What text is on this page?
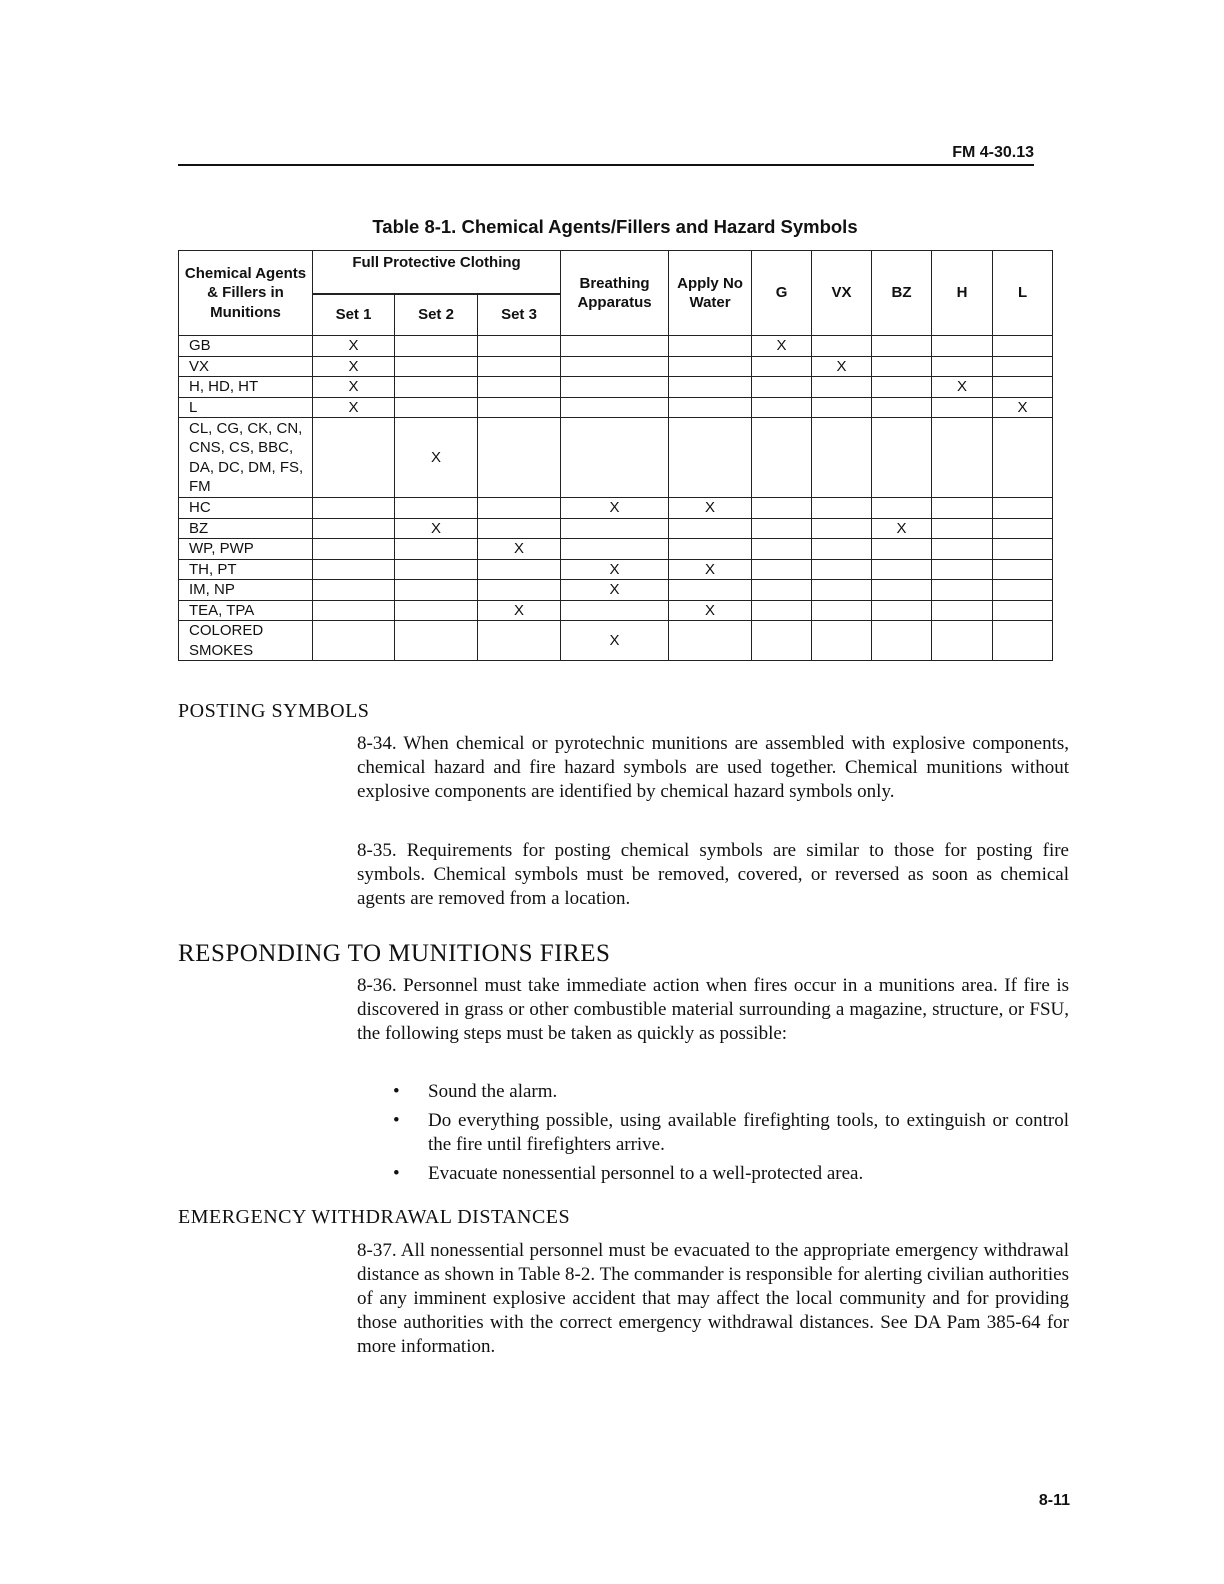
FM 4-30.13
Table 8-1. Chemical Agents/Fillers and Hazard Symbols
Chemical Agents & Fillers in Munitions	Full Protective Clothing			Breathing Apparatus	Apply No Water	G	VX	BZ	H	L
	Set 1	Set 2	Set 3							
GB	X					X				
VX	X						X			
H, HD, HT	X								X	
L	X									X
CL, CG, CK, CN, CNS, CS, BBC, DA, DC, DM, FS, FM		X								
HC				X	X					
BZ		X						X		
WP, PWP			X							
TH, PT				X	X					
IM, NP				X						
TEA, TPA			X		X					
COLORED SMOKES				X						
POSTING SYMBOLS

8-34. When chemical or pyrotechnic munitions are assembled with explosive components, chemical hazard and fire hazard symbols are used together. Chemical munitions without explosive components are identified by chemical hazard symbols only.

8-35. Requirements for posting chemical symbols are similar to those for posting fire symbols. Chemical symbols must be removed, covered, or reversed as soon as chemical agents are removed from a location.

RESPONDING TO MUNITIONS FIRES

8-36. Personnel must take immediate action when fires occur in a munitions area. If fire is discovered in grass or other combustible material surrounding a magazine, structure, or FSU, the following steps must be taken as quickly as possible:

• Sound the alarm.
• Do everything possible, using available firefighting tools, to extinguish or control the fire until firefighters arrive.
• Evacuate nonessential personnel to a well-protected area.
EMERGENCY WITHDRAWAL DISTANCES

8-37. All nonessential personnel must be evacuated to the appropriate emergency withdrawal distance as shown in Table 8-2. The commander is responsible for alerting civilian authorities of any imminent explosive accident that may affect the local community and for providing those authorities with the correct emergency withdrawal distances. See DA Pam 385-64 for more information.

8-11
